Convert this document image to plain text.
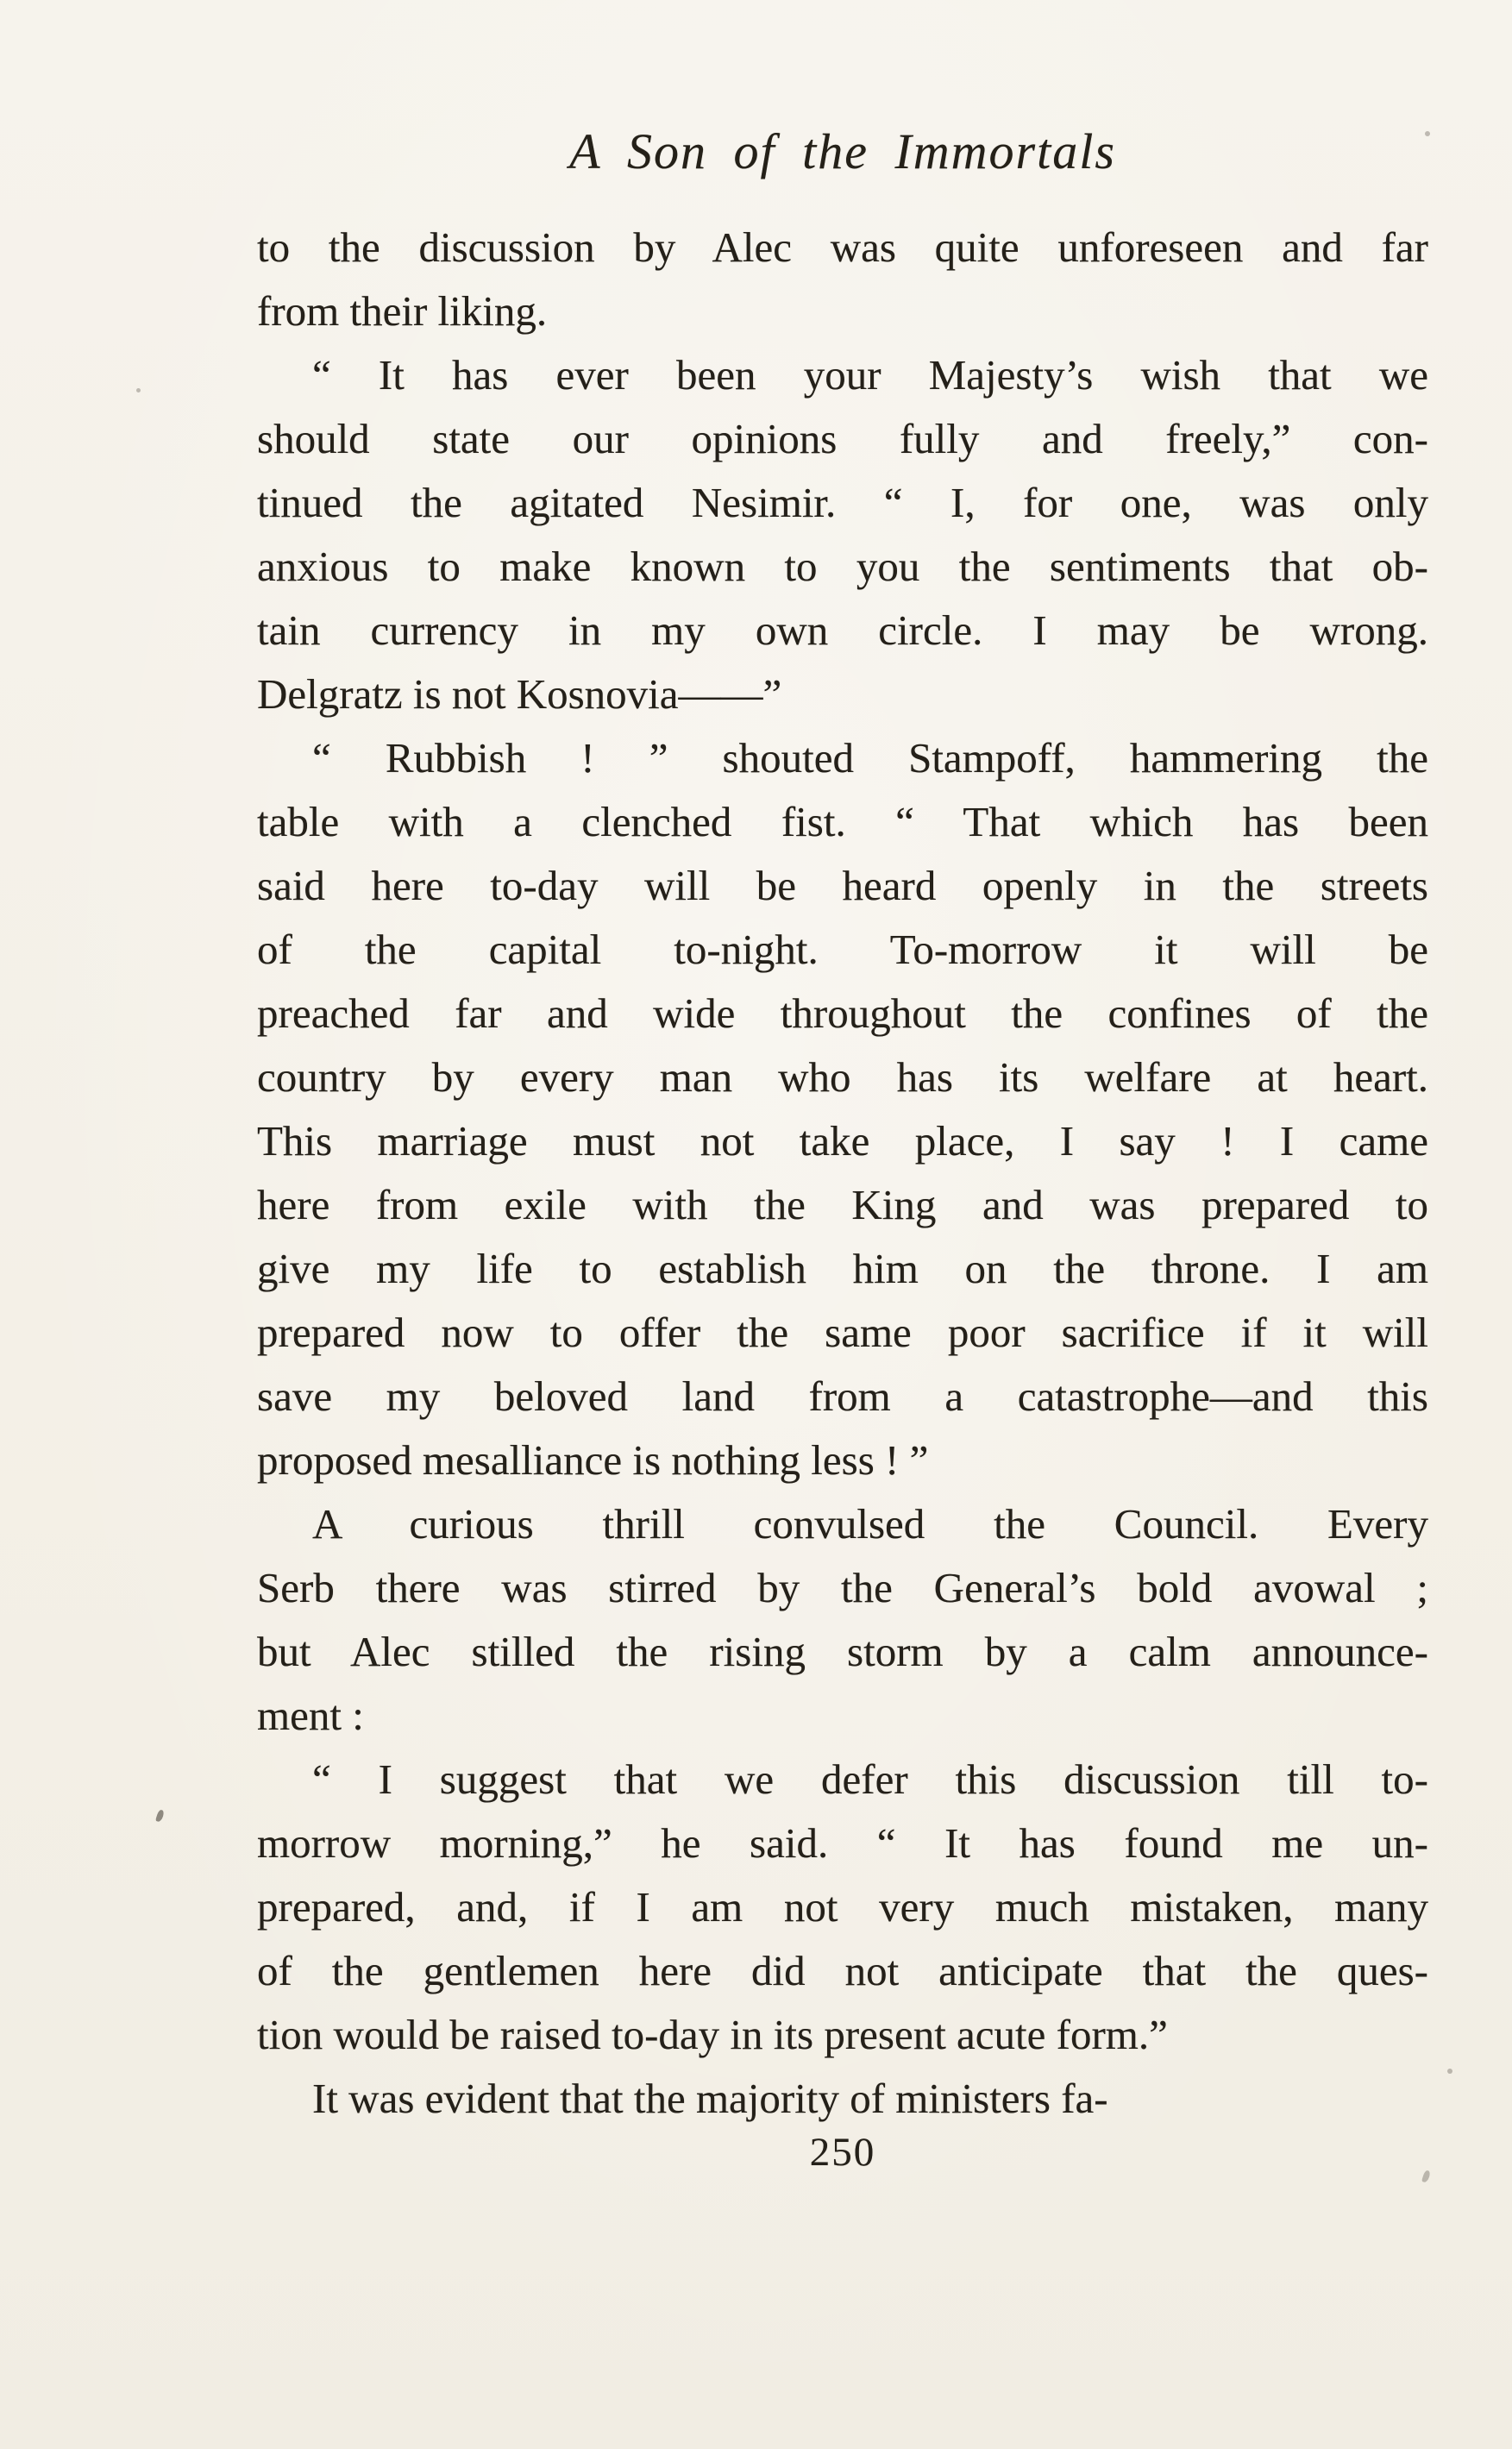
A Son of the Immortals
to the discussion by Alec was quite unforeseen and far
from their liking.
“ It has ever been your Majesty’s wish that we
should state our opinions fully and freely,” con-
tinued the agitated Nesimir. “ I, for one, was only
anxious to make known to you the sentiments that ob-
tain currency in my own circle. I may be wrong.
Delgratz is not Kosnovia——”
“ Rubbish ! ” shouted Stampoff, hammering the
table with a clenched fist. “ That which has been
said here to-day will be heard openly in the streets
of the capital to-night. To-morrow it will be
preached far and wide throughout the confines of the
country by every man who has its welfare at heart.
This marriage must not take place, I say ! I came
here from exile with the King and was prepared to
give my life to establish him on the throne. I am
prepared now to offer the same poor sacrifice if it will
save my beloved land from a catastrophe—and this
proposed mesalliance is nothing less ! ”
A curious thrill convulsed the Council. Every
Serb there was stirred by the General’s bold avowal ;
but Alec stilled the rising storm by a calm announce-
ment :
“ I suggest that we defer this discussion till to-
morrow morning,” he said. “ It has found me un-
prepared, and, if I am not very much mistaken, many
of the gentlemen here did not anticipate that the ques-
tion would be raised to-day in its present acute form.”
It was evident that the majority of ministers fa-
250
